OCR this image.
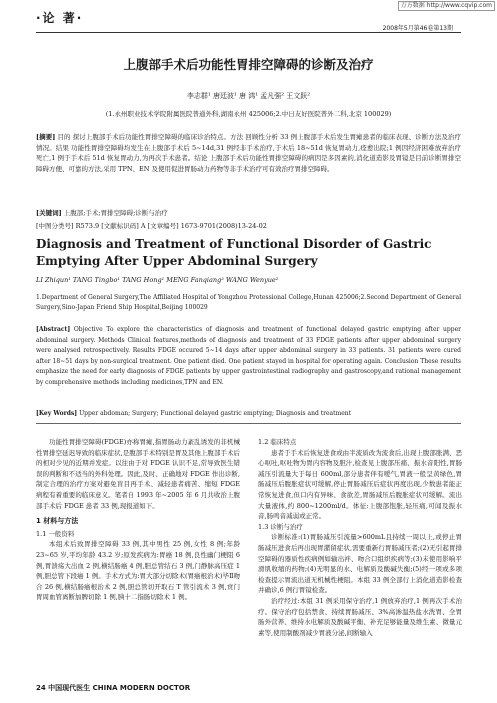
万方数据 http://www.cqvip.com
·论 著·
2008年5月第46卷第13期
上腹部手术后功能性胃排空障碍的诊断及治疗
李志群¹ 唐廷波¹ 唐 鸿¹ 孟凡强² 王文跃²
(1.永州职业技术学院附属医院普通外科,湖南永州 425006;2.中日友好医院普外二科,北京 100029)
[摘要] 目的 探讨上腹部手术后功能性胃排空障碍的临床诊治特点。方法 回顾性分析 33 例上腹部手术后发生胃瘫患者的临床表现、诊断方法及治疗情况。结果 功能性胃排空障碍均发生在上腹部手术后 5~14d,31 例经非手术治疗,于术后 18~51d 恢复胃动力,痊愈出院;1 例因经济困难放弃治疗死亡,1 例于手术后 51d 恢复胃动力,为再次手术患者。结论 上腹部手术后功能性胃排空障碍的病因是多因素的,消化道造影及胃镜是目前诊断胃排空障碍方便、可靠的方法,采用 TPN、EN 及使用促进胃肠动力药物等非手术治疗可有效治疗胃排空障碍。
[关键词] 上腹部;手术;胃排空障碍;诊断与治疗
[中图分类号] R573.9 [文献标识码] A [文章编号] 1673-9701(2008)13-24-02
Diagnosis and Treatment of Functional Disorder of Gastric Emptying After Upper Abdominal Surgery
LI Zhiqun¹ TANG Tingbo¹ TANG Hong¹ MENG Fanqiang² WANG Wenyue²
1.Department of General Surgery,The Affiliated Hospital of Yongzhou Protessional College,Hunan 425006;2.Second Department of General Surgery,Sino-Japan Friend Ship Hospital,Beijing 100029
[Abstract] Objective To explore the characteristics of diagnosis and treatment of functional delayed gastric emptying after upper abdominal surgery. Methods Clinical features,methods of diagnosis and treatment of 33 FDGE patients after upper abdominal surgery were analysed retrospectively. Results FDGE occured 5~14 days after upper abdominal surgery in 33 patients. 31 patients were cured after 18~51 days by non-surgical treatment. One patient died. One patient stayed in hospital for operating again. Conclusion These results emphasize the need for early diagnosis of FDGE patients by upper gastrointestinal radiography and gastroscopy,and rational management by comprehensive methods including medicines,TPN and EN.
[Key Words] Upper abdoman; Surgery; Functional delayed gastric emptying; Diagnosis and treatment

功能性胃排空障碍(FDGE)亦称胃瘫,指胃肠动力紊乱诱发的非机械性胃排空延迟导致的临床症状,是腹部手术特别是胃及其他上腹部手术后的相对少见的近期并发症。以往由于对 FDGE 认识不足,常导致医生错误的判断和不适当的外科处理。因此,及时、正确地对 FDGE 作出诊断,制定合理的治疗方案对避免盲目再手术、减轻患者痛苦、缩短 FDGE 病程有着重要的临床意义。笔者自 1993 年~2005 年 6 月共收治上腹部手术后 FDGE 患者 33 例,现报道如下。

1 材料与方法
1.1 一般资料

本组术后致胃排空障碍 33 例,其中男性 25 例,女性 8 例;年龄 23~65 岁,平均年龄 43.2 岁;原发疾病为:胃癌 18 例,良性幽门梗阻 6 例,胃溃疡大出血 2 例,横结肠癌 4 例,胆总管结石 3 例,门静脉高压症 1 例,胆总管下段癌 1 例。手术方式为:胃大部分切除术(胃癌根治术)毕Ⅱ吻合 26 例,横结肠癌根治术 2 例,胆总管切开取石 T 管引流术 3 例,贲门胃周血管离断加脾切除 1 例,胰十二指肠切除术 1 例。

1.2 临床特点

患者于手术后恢复进食或由半流质改为流食后,出现上腹部胀满、恶心呕吐,呕吐物为胃内容物及胆汁,检查见上腹部压痛、振水音阳性,胃肠减压引流量大于每日 600ml,部分患者伴有嗳气,胃液一般呈黄绿色,胃肠减压后腹胀症状可缓解,停止胃肠减压后症状再度出现,少数患者能正常恢复进食,但口内有异味、食欲差,胃肠减压后腹胀症状可缓解。流出大量液体,约 800~1200ml/d。体征:上腹部饱胀,轻压痛,可闻及振水音,肠鸣音减弱或正常。

1.3 诊断与治疗

诊断标准:(1)胃肠减压引流量>600mL且持续一周以上,或停止胃肠减压进食后再出现胃潴留症状,需要重新行胃肠减压者;(2)无引起胃排空障碍的器质性疾病例如输出袢、吻合口组织疾病等;(3)未使用影响平滑肌收缩的药物;(4)无明显的水、电解质及酸碱失衡;(5)经一项或多项检查提示胃流出道无机械性梗阻。本组 33 例全部行上消化道造影检查并确诊,6 例行胃镜检查。

治疗经过:本组 31 例采用保守治疗,1 例放弃治疗,1 例再次手术治疗。保守治疗包括禁食、持续胃肠减压、3%高渗温热盐水洗胃、全胃肠外营养、维持水电解质及酸碱平衡、补充足够能量及维生素、微量元素等,使用制酸剂减少胃液分泌,间断输入

24 中国现代医生 CHINA MODERN DOCTOR
